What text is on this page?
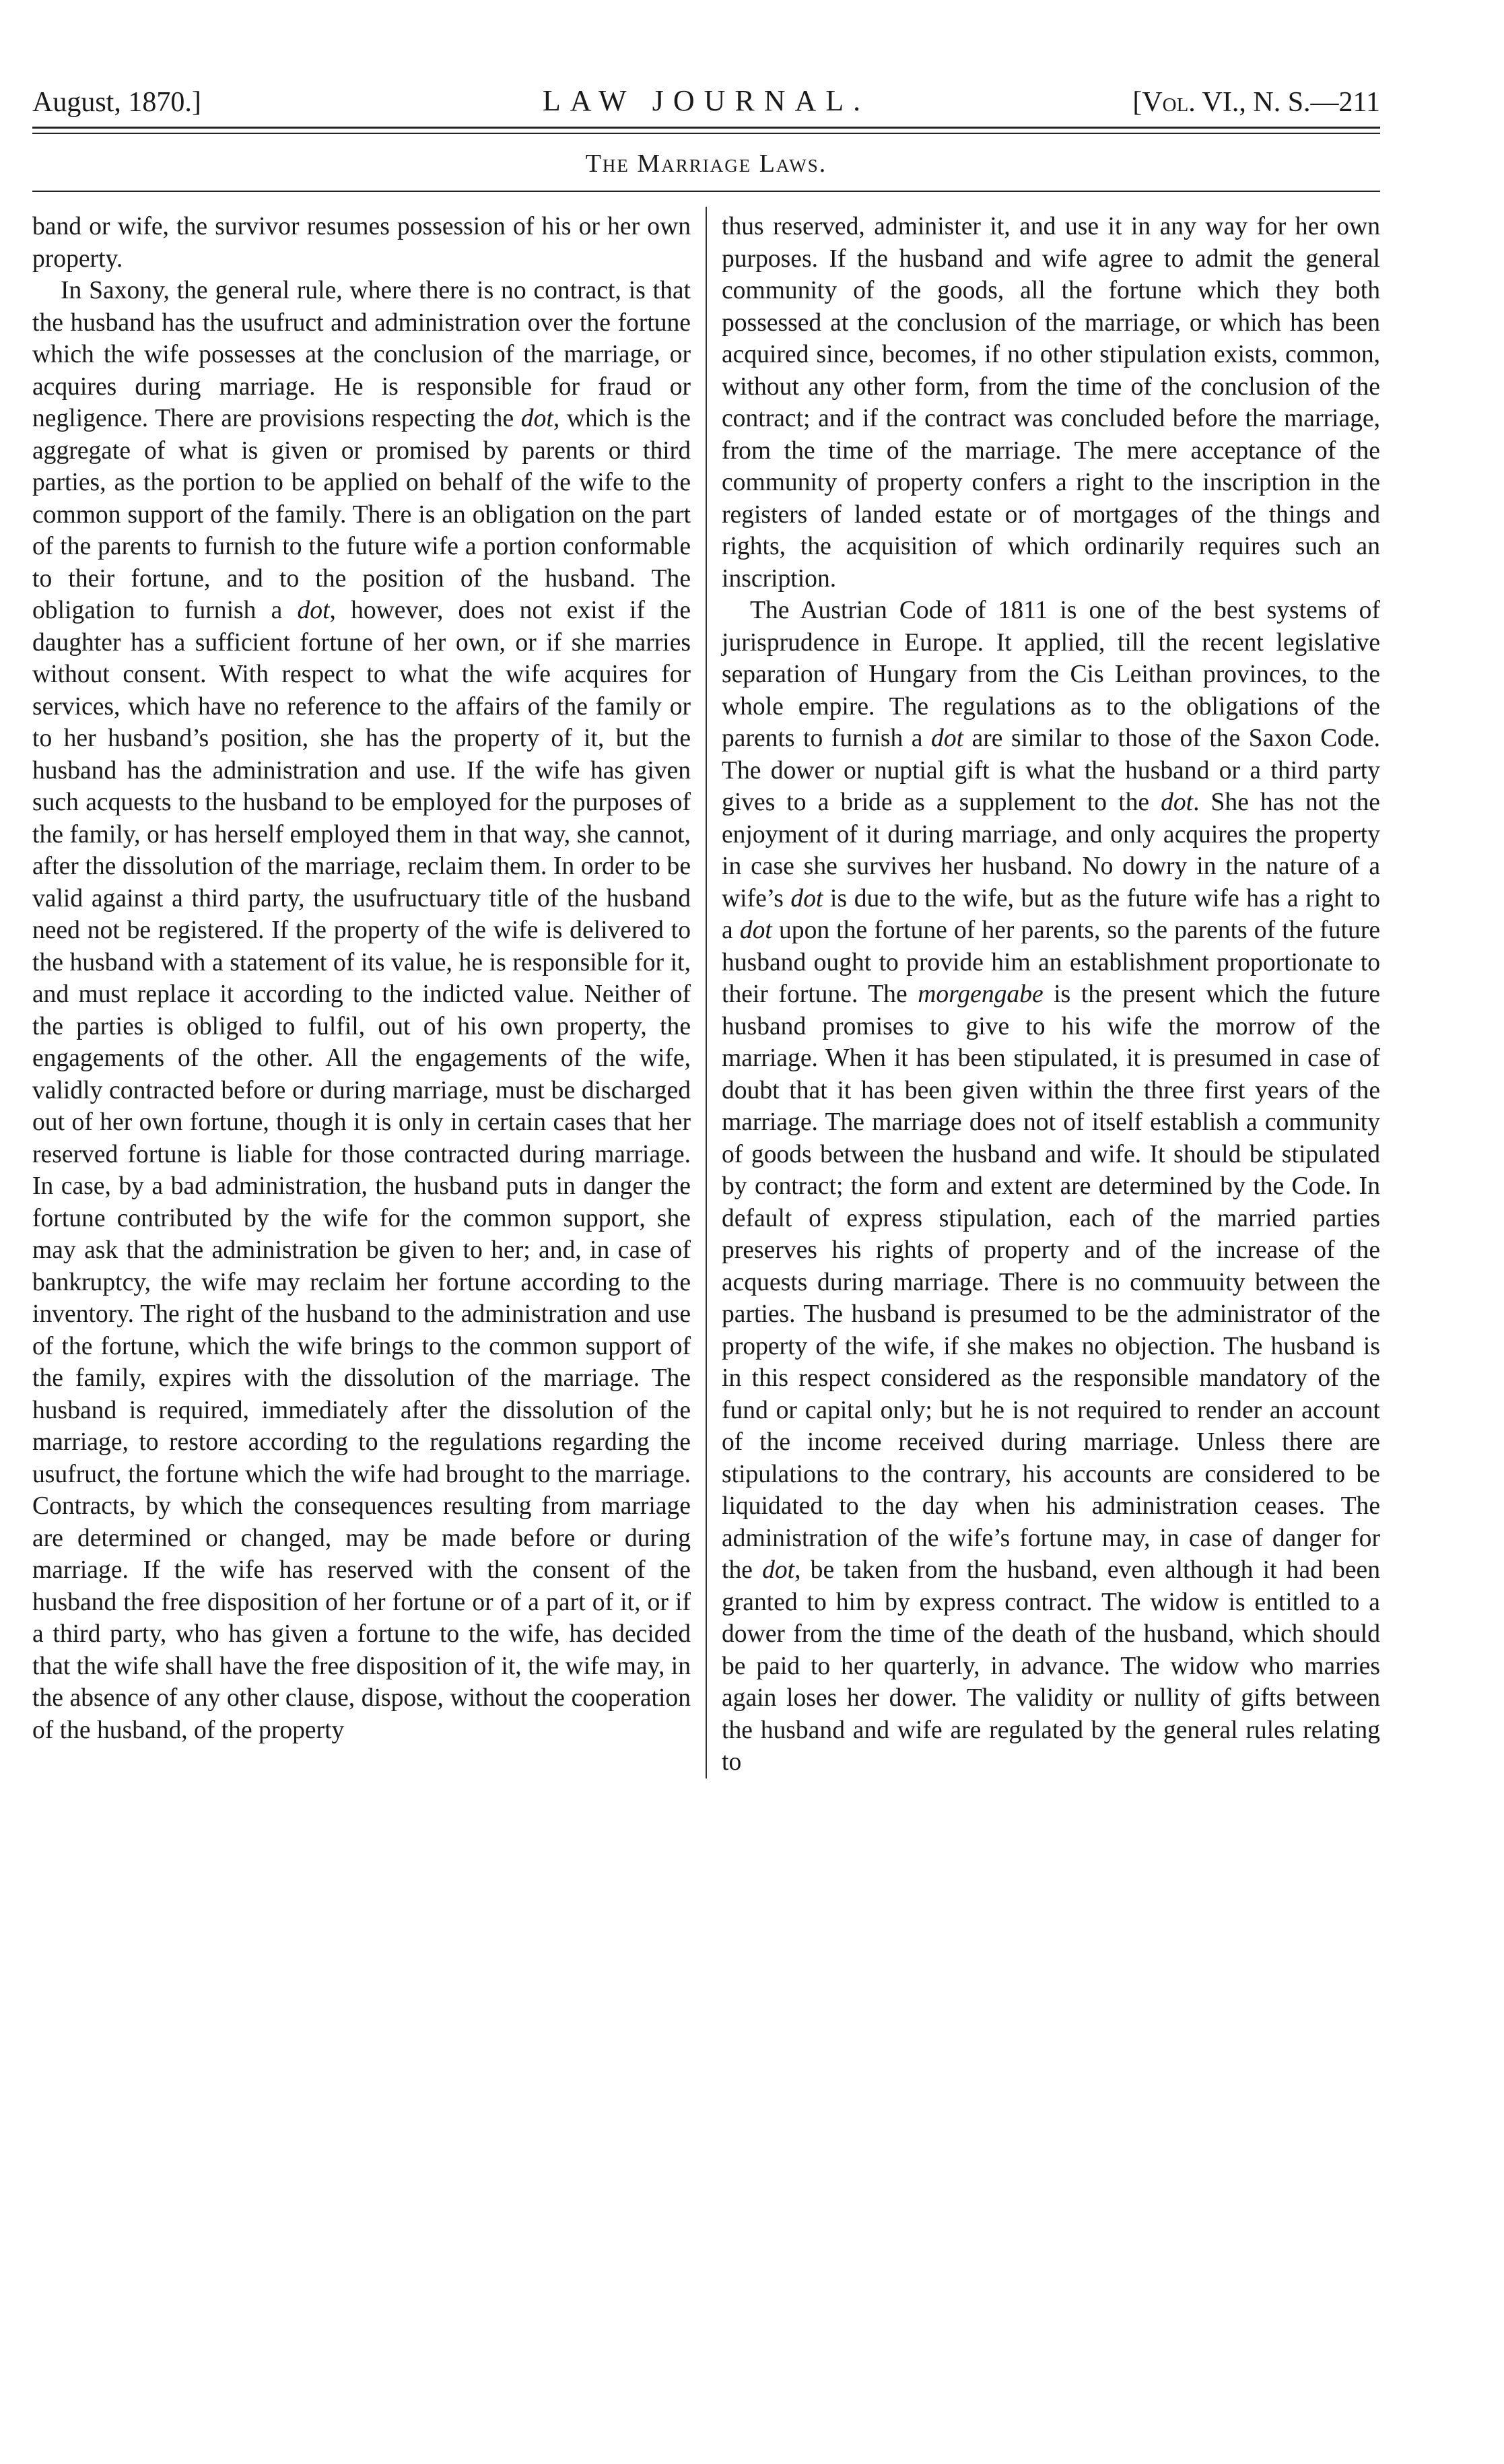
August, 1870.]	LAW JOURNAL.	[Vol. VI., N. S.—211
The Marriage Laws.

band or wife, the survivor resumes possession of his or her own property.

In Saxony, the general rule, where there is no contract, is that the husband has the usufruct and administration over the fortune which the wife possesses at the conclusion of the marriage, or acquires during marriage. He is responsible for fraud or negligence. There are provisions respecting the dot, which is the aggregate of what is given or promised by parents or third parties, as the portion to be applied on behalf of the wife to the common support of the family. There is an obligation on the part of the parents to furnish to the future wife a portion conformable to their fortune, and to the position of the husband. The obligation to furnish a dot, however, does not exist if the daughter has a sufficient fortune of her own, or if she marries without consent. With respect to what the wife acquires for services, which have no reference to the affairs of the family or to her husband’s position, she has the property of it, but the husband has the administration and use. If the wife has given such acquests to the husband to be employed for the purposes of the family, or has herself employed them in that way, she cannot, after the dissolution of the marriage, reclaim them. In order to be valid against a third party, the usufructuary title of the husband need not be registered. If the property of the wife is delivered to the husband with a statement of its value, he is responsible for it, and must replace it according to the indicted value. Neither of the parties is obliged to fulfil, out of his own property, the engagements of the other. All the engagements of the wife, validly contracted before or during marriage, must be discharged out of her own fortune, though it is only in certain cases that her reserved fortune is liable for those contracted during marriage. In case, by a bad administration, the husband puts in danger the fortune contributed by the wife for the common support, she may ask that the administration be given to her; and, in case of bankruptcy, the wife may reclaim her fortune according to the inventory. The right of the husband to the administration and use of the fortune, which the wife brings to the common support of the family, expires with the dissolution of the marriage. The husband is required, immediately after the dissolution of the marriage, to restore according to the regulations regarding the usufruct, the fortune which the wife had brought to the marriage. Contracts, by which the consequences resulting from marriage are determined or changed, may be made before or during marriage. If the wife has reserved with the consent of the husband the free disposition of her fortune or of a part of it, or if a third party, who has given a fortune to the wife, has decided that the wife shall have the free disposition of it, the wife may, in the absence of any other clause, dispose, without the cooperation of the husband, of the property

thus reserved, administer it, and use it in any way for her own purposes. If the husband and wife agree to admit the general community of the goods, all the fortune which they both possessed at the conclusion of the marriage, or which has been acquired since, becomes, if no other stipulation exists, common, without any other form, from the time of the conclusion of the contract; and if the contract was concluded before the marriage, from the time of the marriage. The mere acceptance of the community of property confers a right to the inscription in the registers of landed estate or of mortgages of the things and rights, the acquisition of which ordinarily requires such an inscription.

The Austrian Code of 1811 is one of the best systems of jurisprudence in Europe. It applied, till the recent legislative separation of Hungary from the Cis Leithan provinces, to the whole empire. The regulations as to the obligations of the parents to furnish a dot are similar to those of the Saxon Code. The dower or nuptial gift is what the husband or a third party gives to a bride as a supplement to the dot. She has not the enjoyment of it during marriage, and only acquires the property in case she survives her husband. No dowry in the nature of a wife’s dot is due to the wife, but as the future wife has a right to a dot upon the fortune of her parents, so the parents of the future husband ought to provide him an establishment proportionate to their fortune. The morgengabe is the present which the future husband promises to give to his wife the morrow of the marriage. When it has been stipulated, it is presumed in case of doubt that it has been given within the three first years of the marriage. The marriage does not of itself establish a community of goods between the husband and wife. It should be stipulated by contract; the form and extent are determined by the Code. In default of express stipulation, each of the married parties preserves his rights of property and of the increase of the acquests during marriage. There is no commuuity between the parties. The husband is presumed to be the administrator of the property of the wife, if she makes no objection. The husband is in this respect considered as the responsible mandatory of the fund or capital only; but he is not required to render an account of the income received during marriage. Unless there are stipulations to the contrary, his accounts are considered to be liquidated to the day when his administration ceases. The administration of the wife’s fortune may, in case of danger for the dot, be taken from the husband, even although it had been granted to him by express contract. The widow is entitled to a dower from the time of the death of the husband, which should be paid to her quarterly, in advance. The widow who marries again loses her dower. The validity or nullity of gifts between the husband and wife are regulated by the general rules relating to
